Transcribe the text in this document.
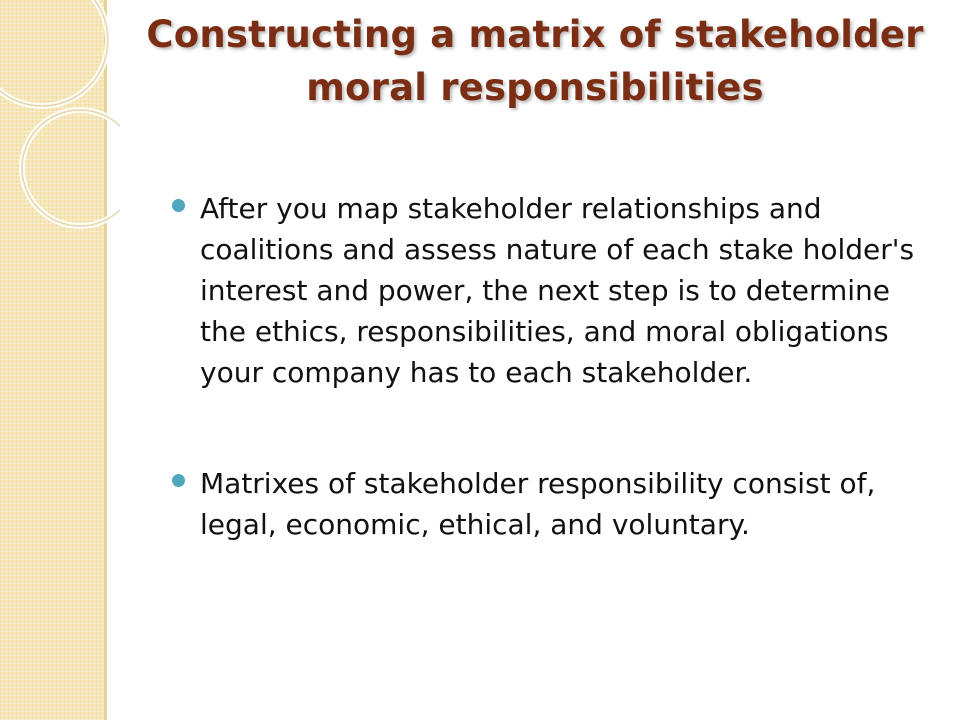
Constructing a matrix of stakeholder moral responsibilities
After you map stakeholder relationships and coalitions and assess nature of each stake holder's interest and power, the next step is to determine the ethics, responsibilities, and moral obligations your company has to each stakeholder.
Matrixes of stakeholder responsibility consist of, legal, economic, ethical, and voluntary.
